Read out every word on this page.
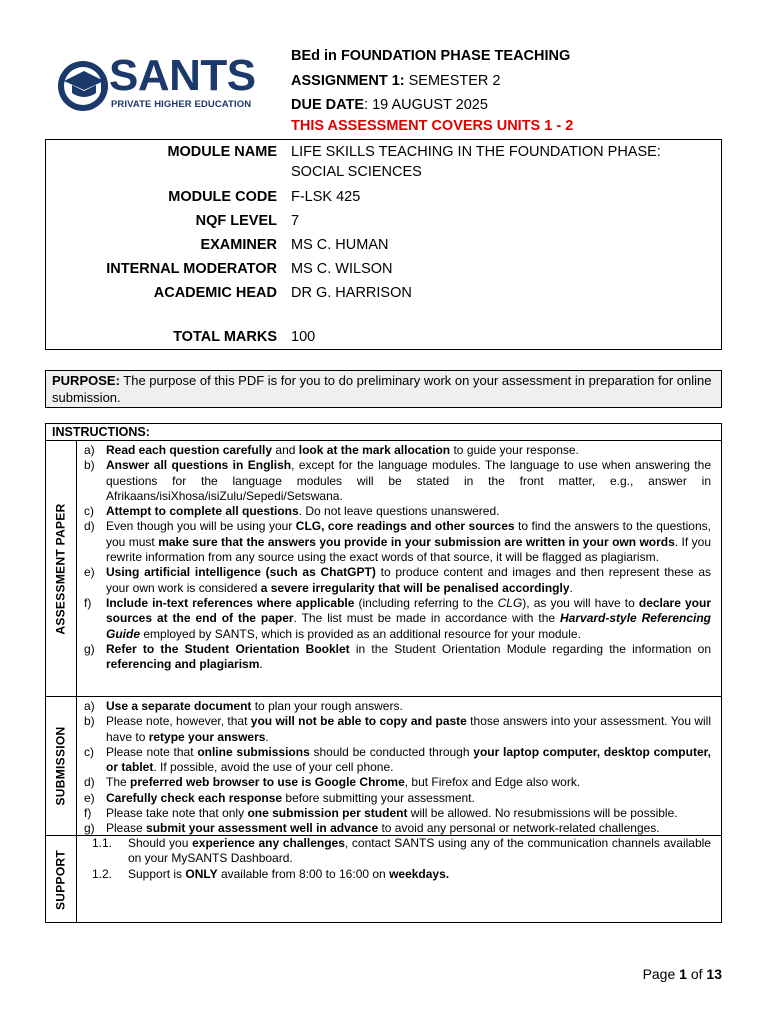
SANTS
PRIVATE HIGHER EDUCATION
BEd in FOUNDATION PHASE TEACHING
ASSIGNMENT 1: SEMESTER 2
DUE DATE: 19 AUGUST 2025
THIS ASSESSMENT COVERS UNITS 1 - 2
MODULE NAME LIFE SKILLS TEACHING IN THE FOUNDATION PHASE: SOCIAL SCIENCES
MODULE CODE F-LSK 425
NQF LEVEL 7
EXAMINER MS C. HUMAN
INTERNAL MODERATOR MS C. WILSON
ACADEMIC HEAD DR G. HARRISON
TOTAL MARKS 100
PURPOSE: The purpose of this PDF is for you to do preliminary work on your assessment in preparation for online submission.
INSTRUCTIONS:
ASSESSMENT PAPER
a) Read each question carefully and look at the mark allocation to guide your response.
b) Answer all questions in English, except for the language modules. The language to use when answering the questions for the language modules will be stated in the front matter, e.g., answer in Afrikaans/isiXhosa/isiZulu/Sepedi/Setswana.
c) Attempt to complete all questions. Do not leave questions unanswered.
d) Even though you will be using your CLG, core readings and other sources to find the answers to the questions, you must make sure that the answers you provide in your submission are written in your own words. If you rewrite information from any source using the exact words of that source, it will be flagged as plagiarism.
e) Using artificial intelligence (such as ChatGPT) to produce content and images and then represent these as your own work is considered a severe irregularity that will be penalised accordingly.
f) Include in-text references where applicable (including referring to the CLG), as you will have to declare your sources at the end of the paper. The list must be made in accordance with the Harvard-style Referencing Guide employed by SANTS, which is provided as an additional resource for your module.
g) Refer to the Student Orientation Booklet in the Student Orientation Module regarding the information on referencing and plagiarism.
SUBMISSION
a) Use a separate document to plan your rough answers.
b) Please note, however, that you will not be able to copy and paste those answers into your assessment. You will have to retype your answers.
c) Please note that online submissions should be conducted through your laptop computer, desktop computer, or tablet. If possible, avoid the use of your cell phone.
d) The preferred web browser to use is Google Chrome, but Firefox and Edge also work.
e) Carefully check each response before submitting your assessment.
f) Please take note that only one submission per student will be allowed. No resubmissions will be possible.
g) Please submit your assessment well in advance to avoid any personal or network-related challenges.
SUPPORT
1.1. Should you experience any challenges, contact SANTS using any of the communication channels available on your MySANTS Dashboard.
1.2. Support is ONLY available from 8:00 to 16:00 on weekdays.
Page 1 of 13
